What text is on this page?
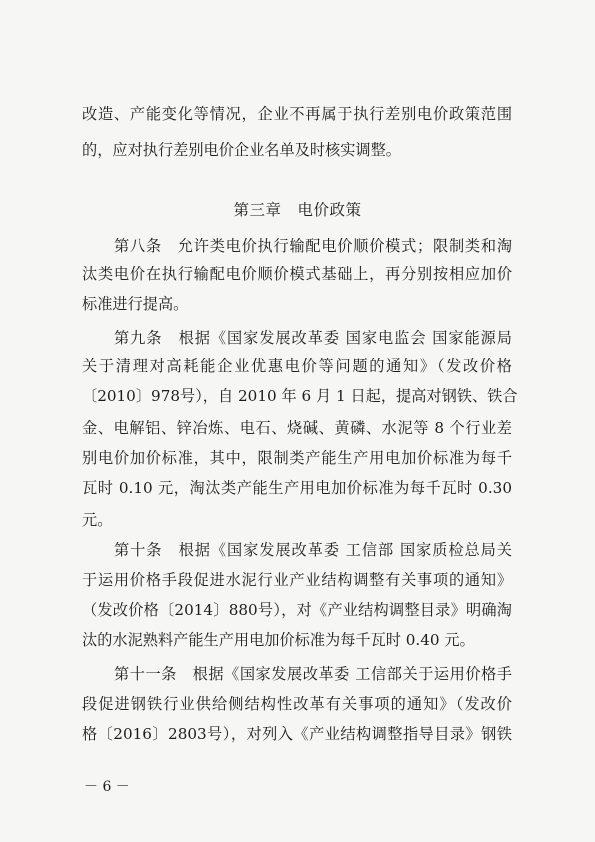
改造、产能变化等情况，企业不再属于执行差别电价政策范围
的，应对执行差别电价企业名单及时核实调整。
第三章　电价政策
第八条　允许类电价执行输配电价顺价模式；限制类和淘
汰类电价在执行输配电价顺价模式基础上，再分别按相应加价
标准进行提高。
第九条　根据《国家发展改革委 国家电监会 国家能源局
关于清理对高耗能企业优惠电价等问题的通知》（发改价格
〔2010〕978号），自 2010 年 6 月 1 日起，提高对钢铁、铁合
金、电解铝、锌冶炼、电石、烧碱、黄磷、水泥等 8 个行业差
别电价加价标准，其中，限制类产能生产用电加价标准为每千
瓦时 0.10 元，淘汰类产能生产用电加价标准为每千瓦时 0.30
元。
第十条　根据《国家发展改革委 工信部 国家质检总局关
于运用价格手段促进水泥行业产业结构调整有关事项的通知》
（发改价格〔2014〕880号），对《产业结构调整目录》明确淘
汰的水泥熟料产能生产用电加价标准为每千瓦时 0.40 元。
第十一条　根据《国家发展改革委 工信部关于运用价格手
段促进钢铁行业供给侧结构性改革有关事项的通知》（发改价
格〔2016〕2803号），对列入《产业结构调整指导目录》钢铁
－ 6 －
